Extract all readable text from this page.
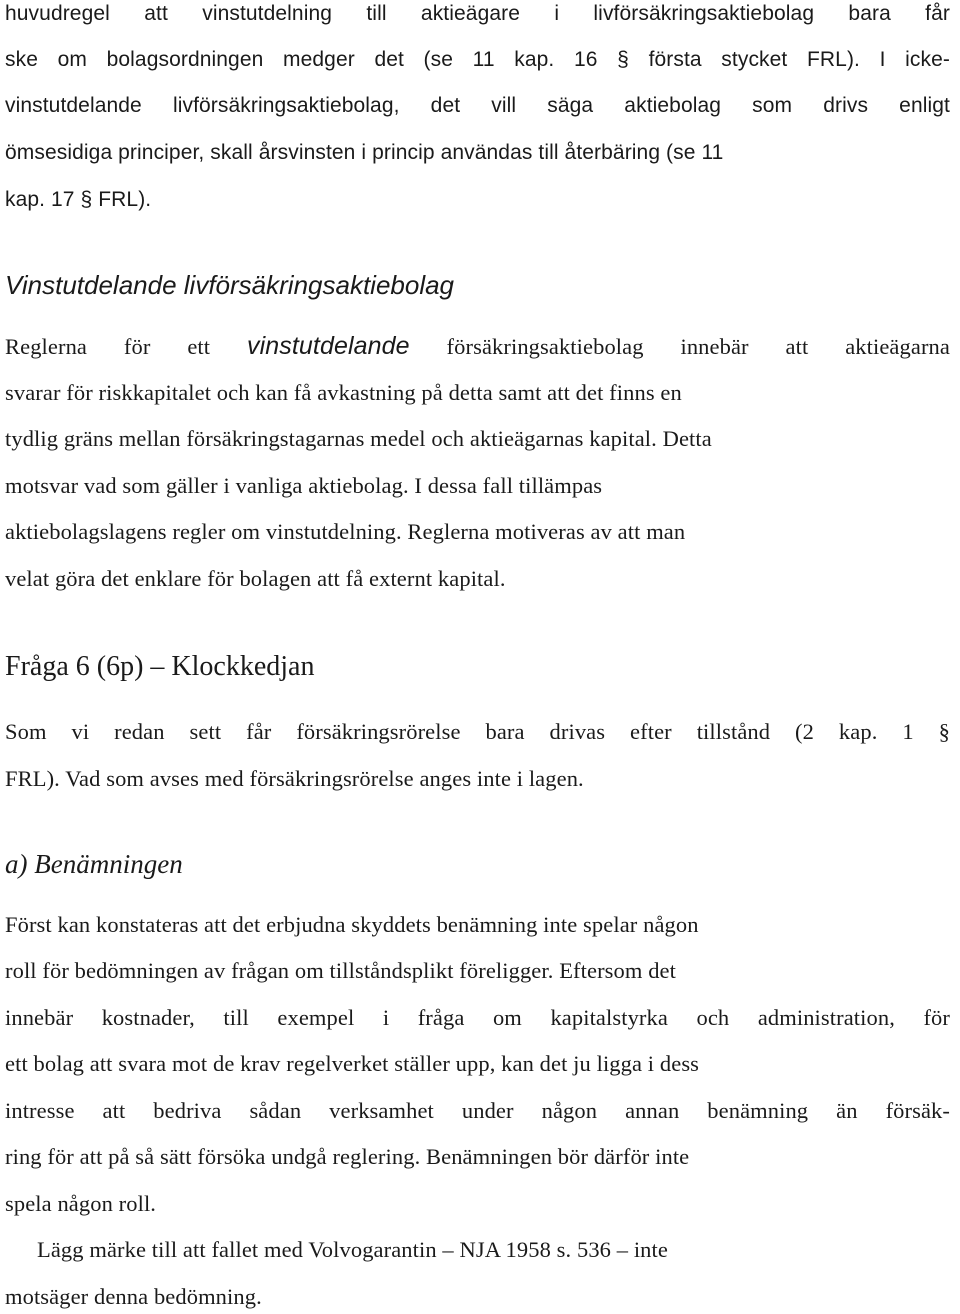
huvudregel att vinstutdelning till aktieägare i livförsäkringsaktiebolag bara får
ske om bolagsordningen medger det (se 11 kap. 16 § första stycket FRL). I icke-
vinstutdelande livförsäkringsaktiebolag, det vill säga aktiebolag som drivs enligt
ömsesidiga principer, skall årsvinsten i princip användas till återbäring (se 11
kap. 17 § FRL).
Vinstutdelande livförsäkringsaktiebolag
Reglerna för ett vinstutdelande försäkringsaktiebolag innebär att aktieägarna
svarar för riskkapitalet och kan få avkastning på detta samt att det finns en
tydlig gräns mellan försäkringstagarnas medel och aktieägarnas kapital. Detta
motsvar vad som gäller i vanliga aktiebolag. I dessa fall tillämpas
aktiebolagslagens regler om vinstutdelning. Reglerna motiveras av att man
velat göra det enklare för bolagen att få externt kapital.
Fråga 6 (6p) – Klockkedjan
Som vi redan sett får försäkringsrörelse bara drivas efter tillstånd (2 kap. 1 §
FRL). Vad som avses med försäkringsrörelse anges inte i lagen.
a) Benämningen
Först kan konstateras att det erbjudna skyddets benämning inte spelar någon
roll för bedömningen av frågan om tillståndsplikt föreligger. Eftersom det
innebär kostnader, till exempel i fråga om kapitalstyrka och administration, för
ett bolag att svara mot de krav regelverket ställer upp, kan det ju ligga i dess
intresse att bedriva sådan verksamhet under någon annan benämning än försäk-
ring för att på så sätt försöka undgå reglering. Benämningen bör därför inte
spela någon roll.
Lägg märke till att fallet med Volvogarantin – NJA 1958 s. 536 – inte
motsäger denna bedömning.
